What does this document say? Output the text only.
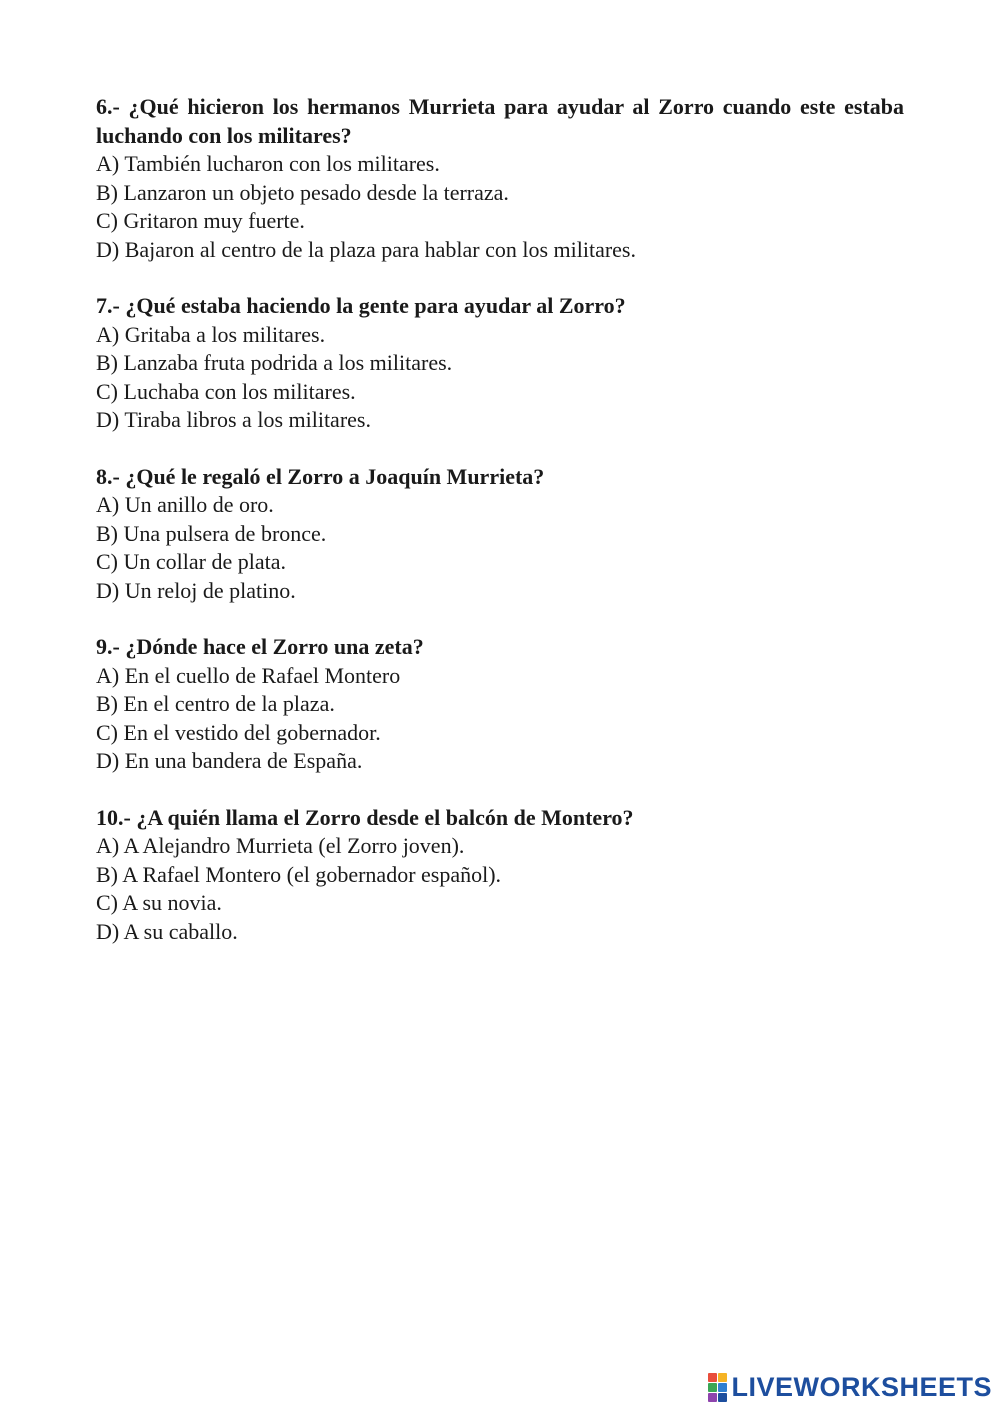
6.- ¿Qué hicieron los hermanos Murrieta para ayudar al Zorro cuando este estaba luchando con los militares?

A) También lucharon con los militares.
B) Lanzaron un objeto pesado desde la terraza.
C) Gritaron muy fuerte.
D) Bajaron al centro de la plaza para hablar con los militares.

7.- ¿Qué estaba haciendo la gente para ayudar al Zorro?

A) Gritaba a los militares.
B) Lanzaba fruta podrida a los militares.
C) Luchaba con los militares.
D) Tiraba libros a los militares.

8.- ¿Qué le regaló el Zorro a Joaquín Murrieta?

A) Un anillo de oro.
B) Una pulsera de bronce.
C) Un collar de plata.
D) Un reloj de platino.

9.- ¿Dónde hace el Zorro una zeta?

A) En el cuello de Rafael Montero
B) En el centro de la plaza.
C) En el vestido del gobernador.
D) En una bandera de España.

10.- ¿A quién llama el Zorro desde el balcón de Montero?

A) A Alejandro Murrieta (el Zorro joven).
B) A Rafael Montero (el gobernador español).
C) A su novia.
D) A su caballo.
LIVEWORKSHEETS
